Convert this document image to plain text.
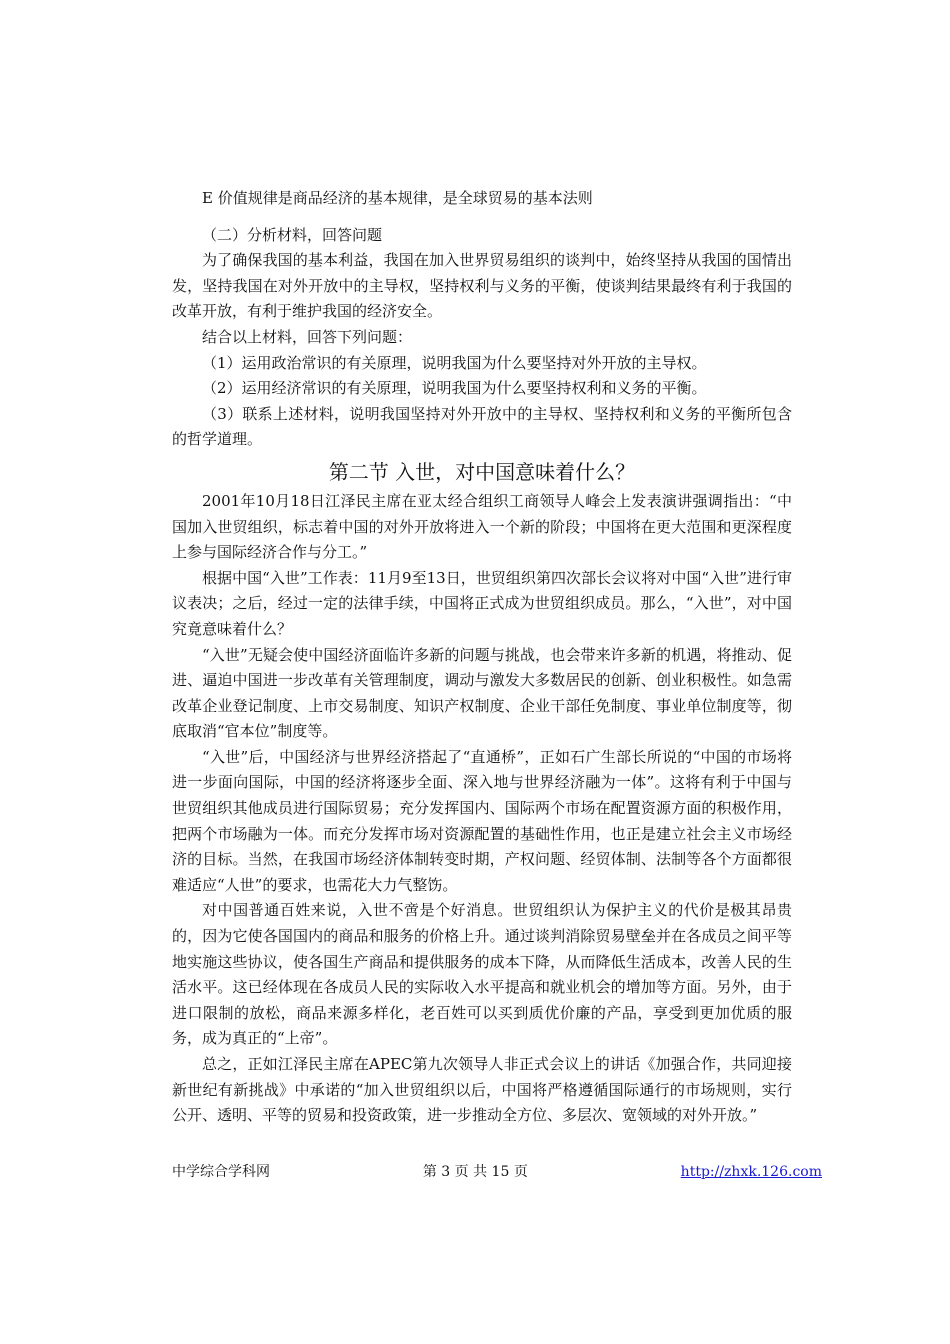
E 价值规律是商品经济的基本规律，是全球贸易的基本法则

（二）分析材料，回答问题

为了确保我国的基本利益，我国在加入世界贸易组织的谈判中，始终坚持从我国的国情出发，坚持我国在对外开放中的主导权，坚持权利与义务的平衡，使谈判结果最终有利于我国的改革开放，有利于维护我国的经济安全。

结合以上材料，回答下列问题：

（1）运用政治常识的有关原理，说明我国为什么要坚持对外开放的主导权。

（2）运用经济常识的有关原理，说明我国为什么要坚持权利和义务的平衡。

（3）联系上述材料，说明我国坚持对外开放中的主导权、坚持权利和义务的平衡所包含的哲学道理。

第二节 入世，对中国意味着什么？

2001年10月18日江泽民主席在亚太经合组织工商领导人峰会上发表演讲强调指出：“中国加入世贸组织，标志着中国的对外开放将进入一个新的阶段；中国将在更大范围和更深程度上参与国际经济合作与分工。”

根据中国“入世”工作表：11月9至13日，世贸组织第四次部长会议将对中国“入世”进行审议表决；之后，经过一定的法律手续，中国将正式成为世贸组织成员。那么，“入世”，对中国究竟意味着什么？

“入世”无疑会使中国经济面临许多新的问题与挑战，也会带来许多新的机遇，将推动、促进、逼迫中国进一步改革有关管理制度，调动与激发大多数居民的创新、创业积极性。如急需改革企业登记制度、上市交易制度、知识产权制度、企业干部任免制度、事业单位制度等，彻底取消“官本位”制度等。

“入世”后，中国经济与世界经济搭起了“直通桥”，正如石广生部长所说的“中国的市场将进一步面向国际，中国的经济将逐步全面、深入地与世界经济融为一体”。这将有利于中国与世贸组织其他成员进行国际贸易；充分发挥国内、国际两个市场在配置资源方面的积极作用，把两个市场融为一体。而充分发挥市场对资源配置的基础性作用，也正是建立社会主义市场经济的目标。当然，在我国市场经济体制转变时期，产权问题、经贸体制、法制等各个方面都很难适应“人世”的要求，也需花大力气整饬。

对中国普通百姓来说，入世不啻是个好消息。世贸组织认为保护主义的代价是极其昂贵的，因为它使各国国内的商品和服务的价格上升。通过谈判消除贸易壁垒并在各成员之间平等地实施这些协议，使各国生产商品和提供服务的成本下降，从而降低生活成本，改善人民的生活水平。这已经体现在各成员人民的实际收入水平提高和就业机会的增加等方面。另外，由于进口限制的放松，商品来源多样化，老百姓可以买到质优价廉的产品，享受到更加优质的服务，成为真正的“上帝”。

总之，正如江泽民主席在APEC第九次领导人非正式会议上的讲话《加强合作，共同迎接新世纪有新挑战》中承诺的“加入世贸组织以后，中国将严格遵循国际通行的市场规则，实行公开、透明、平等的贸易和投资政策，进一步推动全方位、多层次、宽领域的对外开放。”

中学综合学科网	第 3 页 共 15 页	http://zhxk.126.com
